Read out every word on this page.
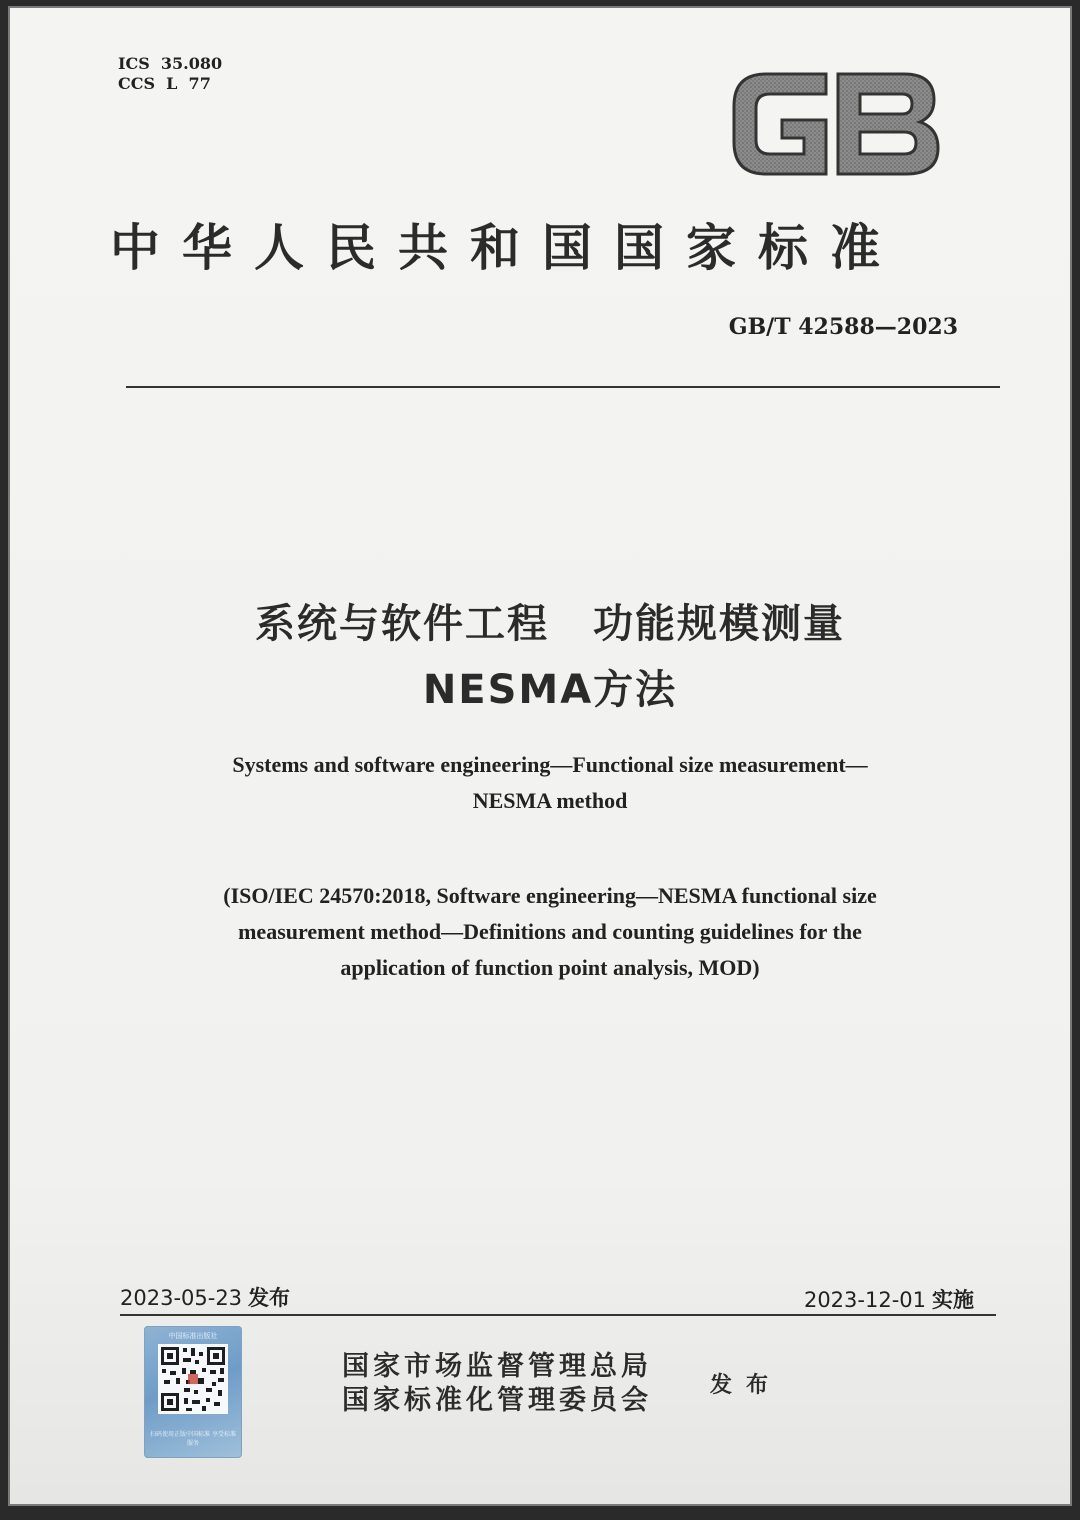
ICS  35.080
CCS  L  77
中华人民共和国国家标准
GB/T 42588—2023
系统与软件工程 功能规模测量
NESMA方法
Systems and software engineering—Functional size measurement—
NESMA method
(ISO/IEC 24570:2018, Software engineering—NESMA functional size
measurement method—Definitions and counting guidelines for the
application of function point analysis, MOD)
2023-05-23 发布	2023-12-01 实施
中国标准出版社
扫码使用正版中国标准 享受标准服务
国家市场监督管理总局
国家标准化管理委员会	发布
